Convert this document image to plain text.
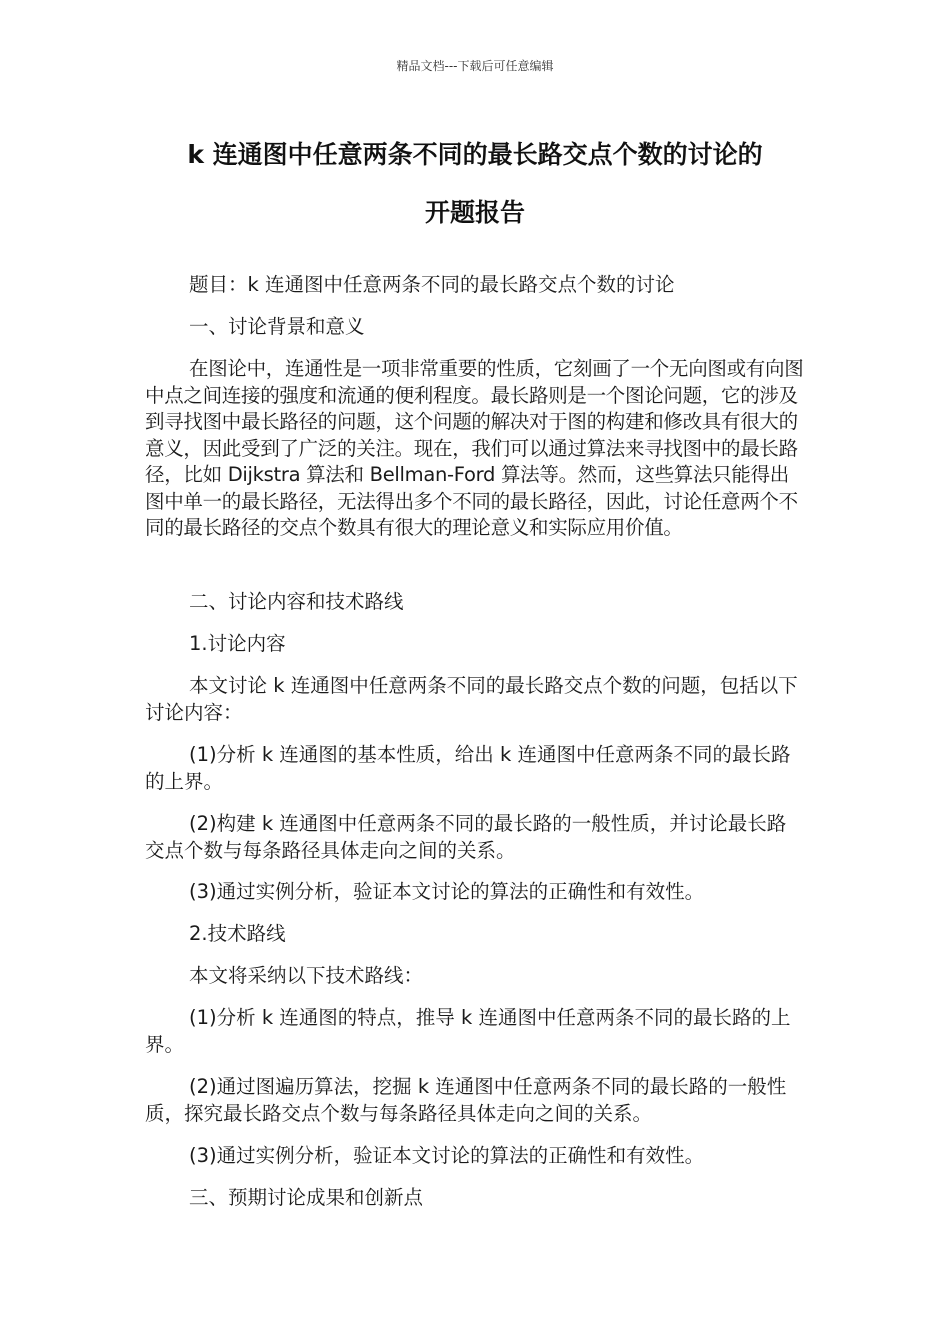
精品文档---下载后可任意编辑
k 连通图中任意两条不同的最长路交点个数的讨论的
开题报告
题目：k 连通图中任意两条不同的最长路交点个数的讨论
一、讨论背景和意义
在图论中，连通性是一项非常重要的性质，它刻画了一个无向图或有向图中点之间连接的强度和流通的便利程度。最长路则是一个图论问题，它的涉及到寻找图中最长路径的问题，这个问题的解决对于图的构建和修改具有很大的意义，因此受到了广泛的关注。现在，我们可以通过算法来寻找图中的最长路径，比如 Dijkstra 算法和 Bellman-Ford 算法等。然而，这些算法只能得出图中单一的最长路径，无法得出多个不同的最长路径，因此，讨论任意两个不同的最长路径的交点个数具有很大的理论意义和实际应用价值。
二、讨论内容和技术路线
1.讨论内容
本文讨论 k 连通图中任意两条不同的最长路交点个数的问题，包括以下讨论内容：
(1)分析 k 连通图的基本性质，给出 k 连通图中任意两条不同的最长路的上界。
(2)构建 k 连通图中任意两条不同的最长路的一般性质，并讨论最长路交点个数与每条路径具体走向之间的关系。
(3)通过实例分析，验证本文讨论的算法的正确性和有效性。
2.技术路线
本文将采纳以下技术路线：
(1)分析 k 连通图的特点，推导 k 连通图中任意两条不同的最长路的上界。
(2)通过图遍历算法，挖掘 k 连通图中任意两条不同的最长路的一般性质，探究最长路交点个数与每条路径具体走向之间的关系。
(3)通过实例分析，验证本文讨论的算法的正确性和有效性。
三、预期讨论成果和创新点
